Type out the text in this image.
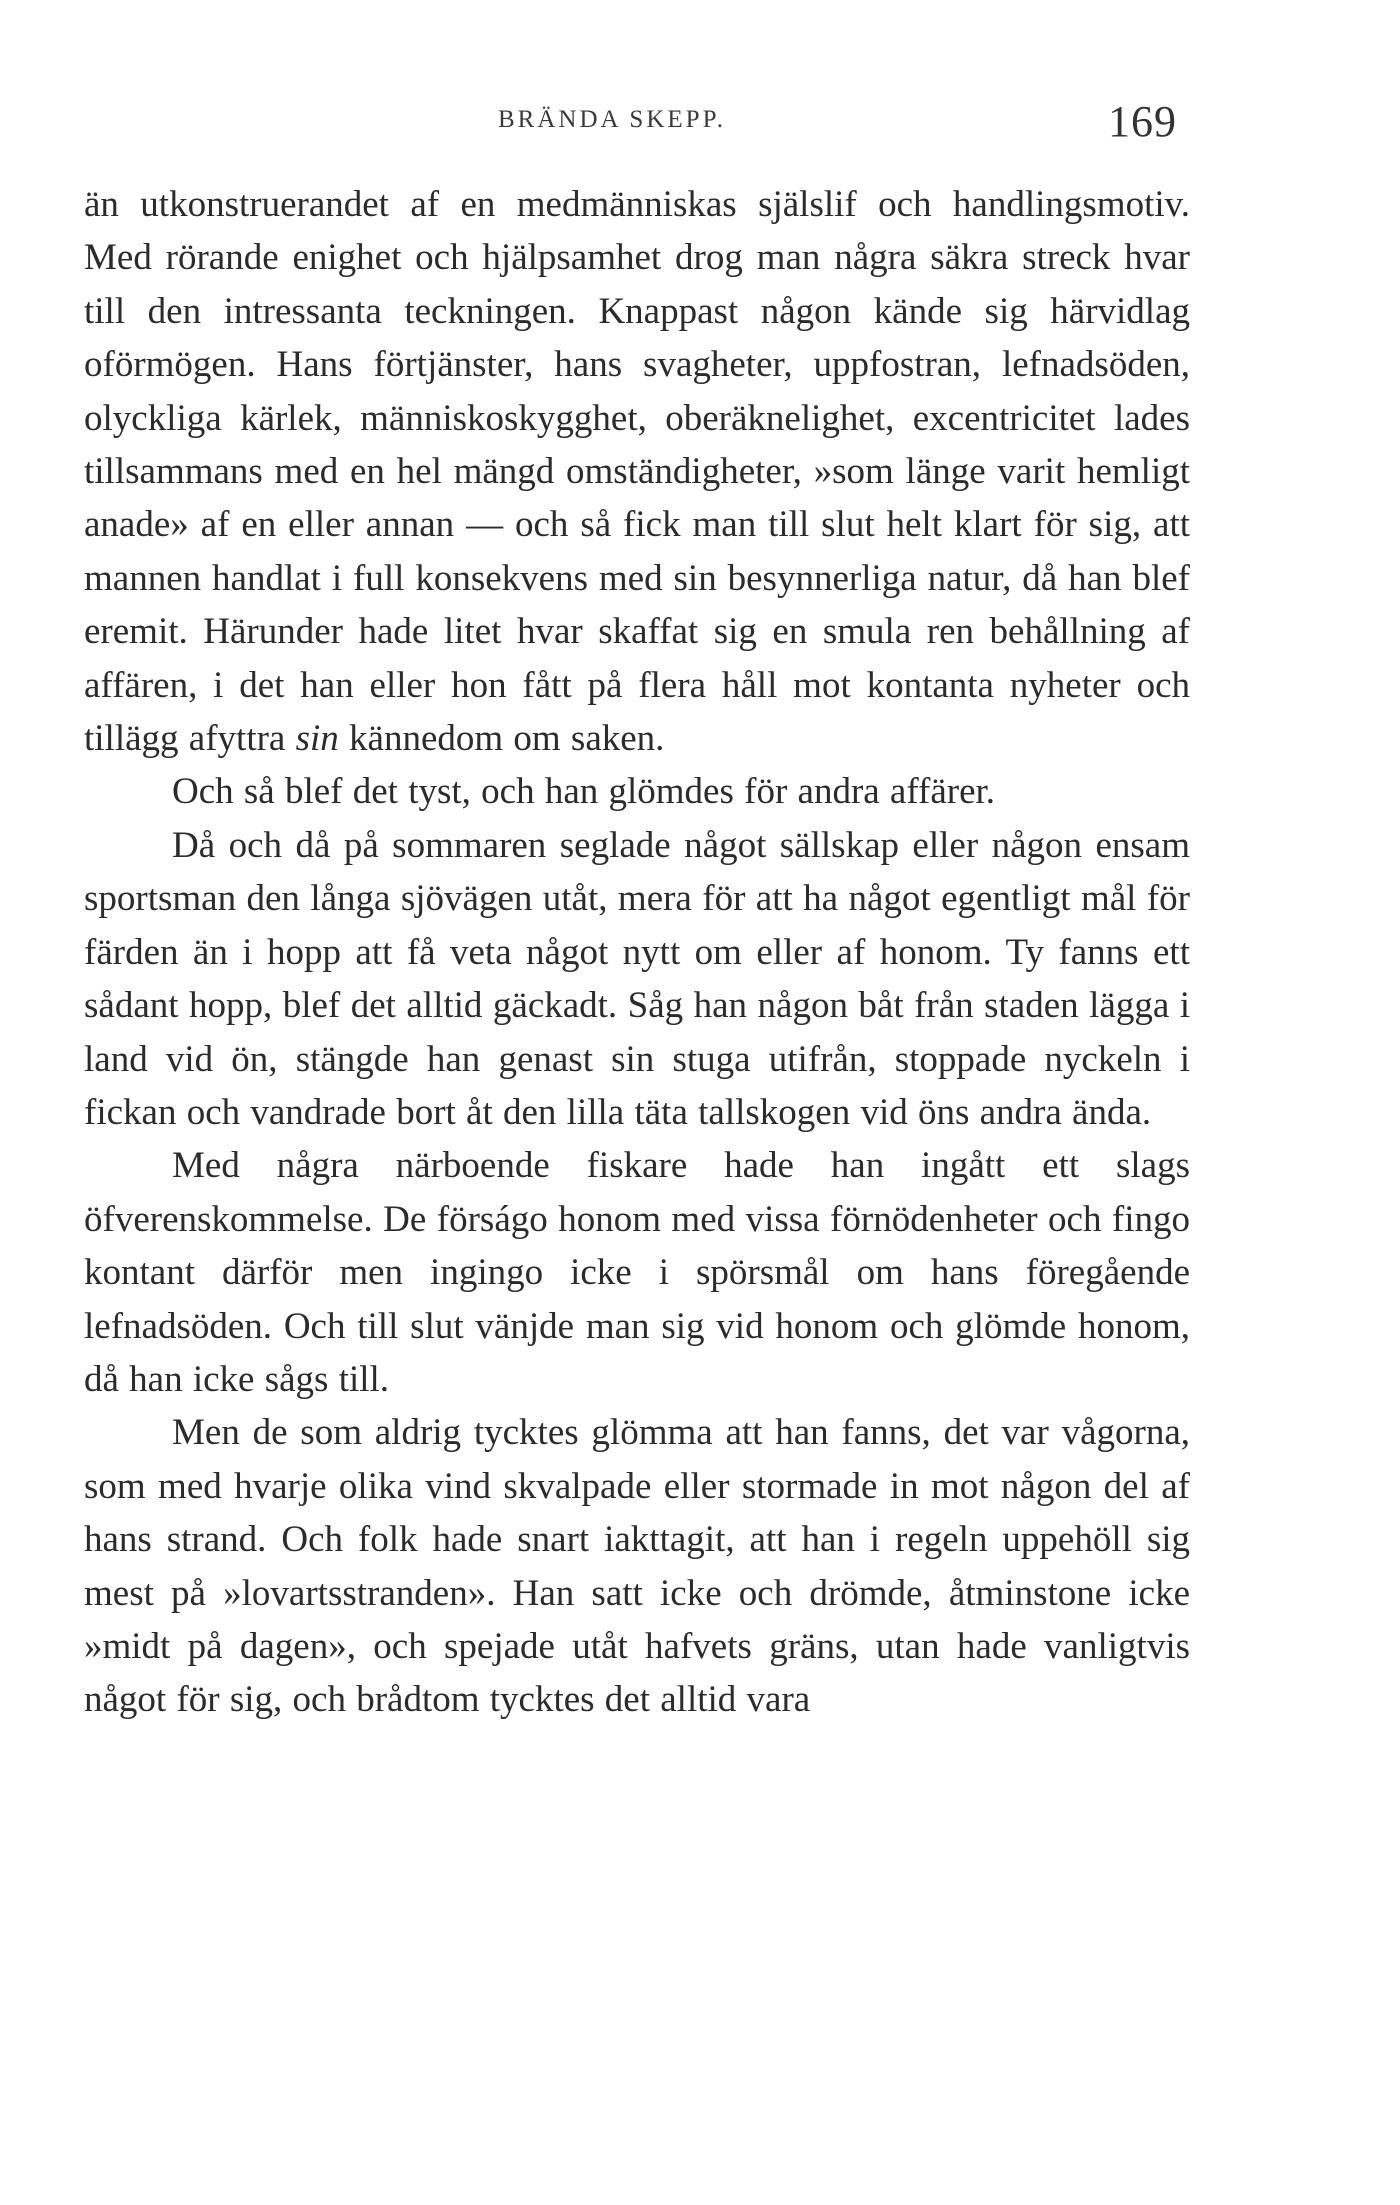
BRÄNDA SKEPP.	169

än utkonstruerandet af en medmänniskas själslif och handlingsmotiv. Med rörande enighet och hjälpsamhet drog man några säkra streck hvar till den intressanta teckningen. Knappast någon kände sig härvidlag oförmögen. Hans förtjänster, hans svagheter, uppfostran, lefnadsöden, olyckliga kärlek, människoskygghet, oberäknelighet, excentricitet lades tillsammans med en hel mängd omständigheter, »som länge varit hemligt anade» af en eller annan — och så fick man till slut helt klart för sig, att mannen handlat i full konsekvens med sin besynnerliga natur, då han blef eremit. Härunder hade litet hvar skaffat sig en smula ren behållning af affären, i det han eller hon fått på flera håll mot kontanta nyheter och tillägg afyttra sin kännedom om saken.

Och så blef det tyst, och han glömdes för andra affärer.

Då och då på sommaren seglade något sällskap eller någon ensam sportsman den långa sjövägen utåt, mera för att ha något egentligt mål för färden än i hopp att få veta något nytt om eller af honom. Ty fanns ett sådant hopp, blef det alltid gäckadt. Såg han någon båt från staden lägga i land vid ön, stängde han genast sin stuga utifrån, stoppade nyckeln i fickan och vandrade bort åt den lilla täta tallskogen vid öns andra ända.

Med några närboende fiskare hade han ingått ett slags öfverenskommelse. De förságo honom med vissa förnödenheter och fingo kontant därför men ingingo icke i spörsmål om hans föregående lefnadsöden. Och till slut vänjde man sig vid honom och glömde honom, då han icke sågs till.

Men de som aldrig tycktes glömma att han fanns, det var vågorna, som med hvarje olika vind skvalpade eller stormade in mot någon del af hans strand. Och folk hade snart iakttagit, att han i regeln uppehöll sig mest på »lovartsstranden». Han satt icke och drömde, åtminstone icke »midt på dagen», och spejade utåt hafvets gräns, utan hade vanligtvis något för sig, och brådtom tycktes det alltid vara
